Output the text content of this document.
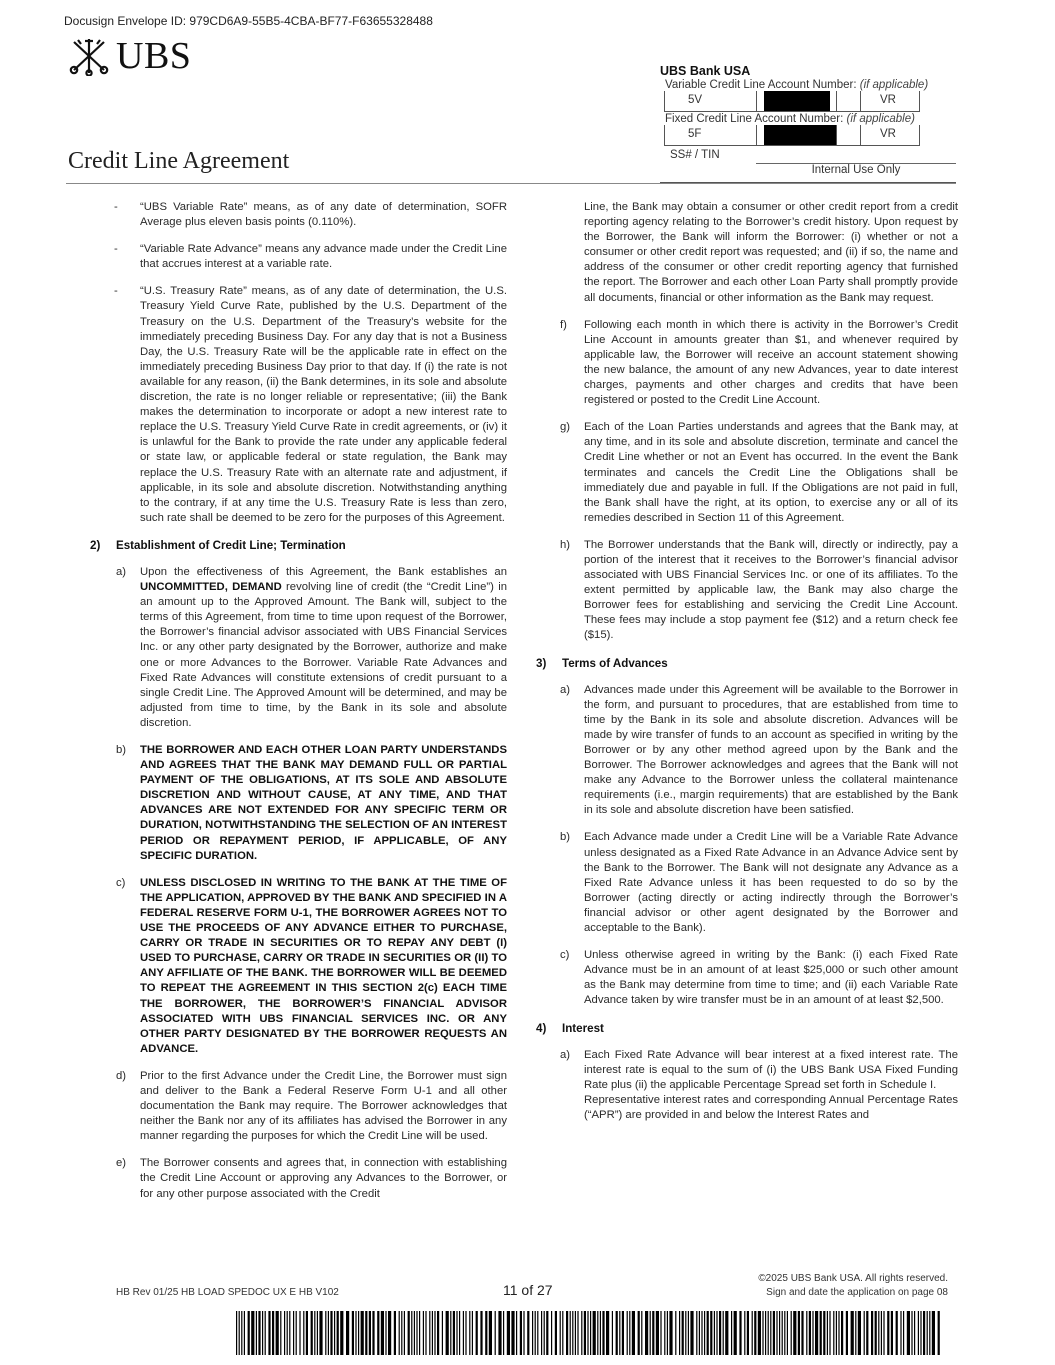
Docusign Envelope ID: 979CD6A9-55B5-4CBA-BF77-F63655328488
UBS
Credit Line Agreement
UBS Bank USA
Variable Credit Line Account Number: (if applicable)
5V	VR
Fixed Credit Line Account Number: (if applicable)
5F	VR
SS# / TIN
Internal Use Only
- “UBS Variable Rate” means, as of any date of determination, SOFR Average plus eleven basis points (0.110%).

- “Variable Rate Advance” means any advance made under the Credit Line that accrues interest at a variable rate.

- “U.S. Treasury Rate” means, as of any date of determination, the U.S. Treasury Yield Curve Rate, published by the U.S. Department of the Treasury on the U.S. Department of the Treasury’s website for the immediately preceding Business Day. For any day that is not a Business Day, the U.S. Treasury Rate will be the applicable rate in effect on the immediately preceding Business Day prior to that day. If (i) the rate is not available for any reason, (ii) the Bank determines, in its sole and absolute discretion, the rate is no longer reliable or representative; (iii) the Bank makes the determination to incorporate or adopt a new interest rate to replace the U.S. Treasury Yield Curve Rate in credit agreements, or (iv) it is unlawful for the Bank to provide the rate under any applicable federal or state law, or applicable federal or state regulation, the Bank may replace the U.S. Treasury Rate with an alternate rate and adjustment, if applicable, in its sole and absolute discretion. Notwithstanding anything to the contrary, if at any time the U.S. Treasury Rate is less than zero, such rate shall be deemed to be zero for the purposes of this Agreement.

2) Establishment of Credit Line; Termination
a) Upon the effectiveness of this Agreement, the Bank establishes an UNCOMMITTED, DEMAND revolving line of credit (the “Credit Line”) in an amount up to the Approved Amount. The Bank will, subject to the terms of this Agreement, from time to time upon request of the Borrower, the Borrower’s financial advisor associated with UBS Financial Services Inc. or any other party designated by the Borrower, authorize and make one or more Advances to the Borrower. Variable Rate Advances and Fixed Rate Advances will constitute extensions of credit pursuant to a single Credit Line. The Approved Amount will be determined, and may be adjusted from time to time, by the Bank in its sole and absolute discretion.

b) THE BORROWER AND EACH OTHER LOAN PARTY UNDERSTANDS AND AGREES THAT THE BANK MAY DEMAND FULL OR PARTIAL PAYMENT OF THE OBLIGATIONS, AT ITS SOLE AND ABSOLUTE DISCRETION AND WITHOUT CAUSE, AT ANY TIME, AND THAT ADVANCES ARE NOT EXTENDED FOR ANY SPECIFIC TERM OR DURATION, NOTWITHSTANDING THE SELECTION OF AN INTEREST PERIOD OR REPAYMENT PERIOD, IF APPLICABLE, OF ANY SPECIFIC DURATION.

c) UNLESS DISCLOSED IN WRITING TO THE BANK AT THE TIME OF THE APPLICATION, APPROVED BY THE BANK AND SPECIFIED IN A FEDERAL RESERVE FORM U-1, THE BORROWER AGREES NOT TO USE THE PROCEEDS OF ANY ADVANCE EITHER TO PURCHASE, CARRY OR TRADE IN SECURITIES OR TO REPAY ANY DEBT (I) USED TO PURCHASE, CARRY OR TRADE IN SECURITIES OR (II) TO ANY AFFILIATE OF THE BANK. THE BORROWER WILL BE DEEMED TO REPEAT THE AGREEMENT IN THIS SECTION 2(c) EACH TIME THE BORROWER, THE BORROWER’S FINANCIAL ADVISOR ASSOCIATED WITH UBS FINANCIAL SERVICES INC. OR ANY OTHER PARTY DESIGNATED BY THE BORROWER REQUESTS AN ADVANCE.

d) Prior to the first Advance under the Credit Line, the Borrower must sign and deliver to the Bank a Federal Reserve Form U-1 and all other documentation the Bank may require. The Borrower acknowledges that neither the Bank nor any of its affiliates has advised the Borrower in any manner regarding the purposes for which the Credit Line will be used.

e) The Borrower consents and agrees that, in connection with establishing the Credit Line Account or approving any Advances to the Borrower, or for any other purpose associated with the Credit

Line, the Bank may obtain a consumer or other credit report from a credit reporting agency relating to the Borrower’s credit history. Upon request by the Borrower, the Bank will inform the Borrower: (i) whether or not a consumer or other credit report was requested; and (ii) if so, the name and address of the consumer or other credit reporting agency that furnished the report. The Borrower and each other Loan Party shall promptly provide all documents, financial or other information as the Bank may request.

f) Following each month in which there is activity in the Borrower’s Credit Line Account in amounts greater than $1, and whenever required by applicable law, the Borrower will receive an account statement showing the new balance, the amount of any new Advances, year to date interest charges, payments and other charges and credits that have been registered or posted to the Credit Line Account.

g) Each of the Loan Parties understands and agrees that the Bank may, at any time, and in its sole and absolute discretion, terminate and cancel the Credit Line whether or not an Event has occurred. In the event the Bank terminates and cancels the Credit Line the Obligations shall be immediately due and payable in full. If the Obligations are not paid in full, the Bank shall have the right, at its option, to exercise any or all of its remedies described in Section 11 of this Agreement.

h) The Borrower understands that the Bank will, directly or indirectly, pay a portion of the interest that it receives to the Borrower’s financial advisor associated with UBS Financial Services Inc. or one of its affiliates. To the extent permitted by applicable law, the Bank may also charge the Borrower fees for establishing and servicing the Credit Line Account. These fees may include a stop payment fee ($12) and a return check fee ($15).

3) Terms of Advances
a) Advances made under this Agreement will be available to the Borrower in the form, and pursuant to procedures, that are established from time to time by the Bank in its sole and absolute discretion. Advances will be made by wire transfer of funds to an account as specified in writing by the Borrower or by any other method agreed upon by the Bank and the Borrower. The Borrower acknowledges and agrees that the Bank will not make any Advance to the Borrower unless the collateral maintenance requirements (i.e., margin requirements) that are established by the Bank in its sole and absolute discretion have been satisfied.

b) Each Advance made under a Credit Line will be a Variable Rate Advance unless designated as a Fixed Rate Advance in an Advance Advice sent by the Bank to the Borrower. The Bank will not designate any Advance as a Fixed Rate Advance unless it has been requested to do so by the Borrower (acting directly or acting indirectly through the Borrower’s financial advisor or other agent designated by the Borrower and acceptable to the Bank).

c) Unless otherwise agreed in writing by the Bank: (i) each Fixed Rate Advance must be in an amount of at least $25,000 or such other amount as the Bank may determine from time to time; and (ii) each Variable Rate Advance taken by wire transfer must be in an amount of at least $2,500.

4) Interest
a) Each Fixed Rate Advance will bear interest at a fixed interest rate. The interest rate is equal to the sum of (i) the UBS Bank USA Fixed Funding Rate plus (ii) the applicable Percentage Spread set forth in Schedule I.

Representative interest rates and corresponding Annual Percentage Rates (“APR”) are provided in and below the Interest Rates and

HB Rev 01/25 HB LOAD SPEDOC UX E HB V102	11 of 27
©2025 UBS Bank USA. All rights reserved.
Sign and date the application on page 08
